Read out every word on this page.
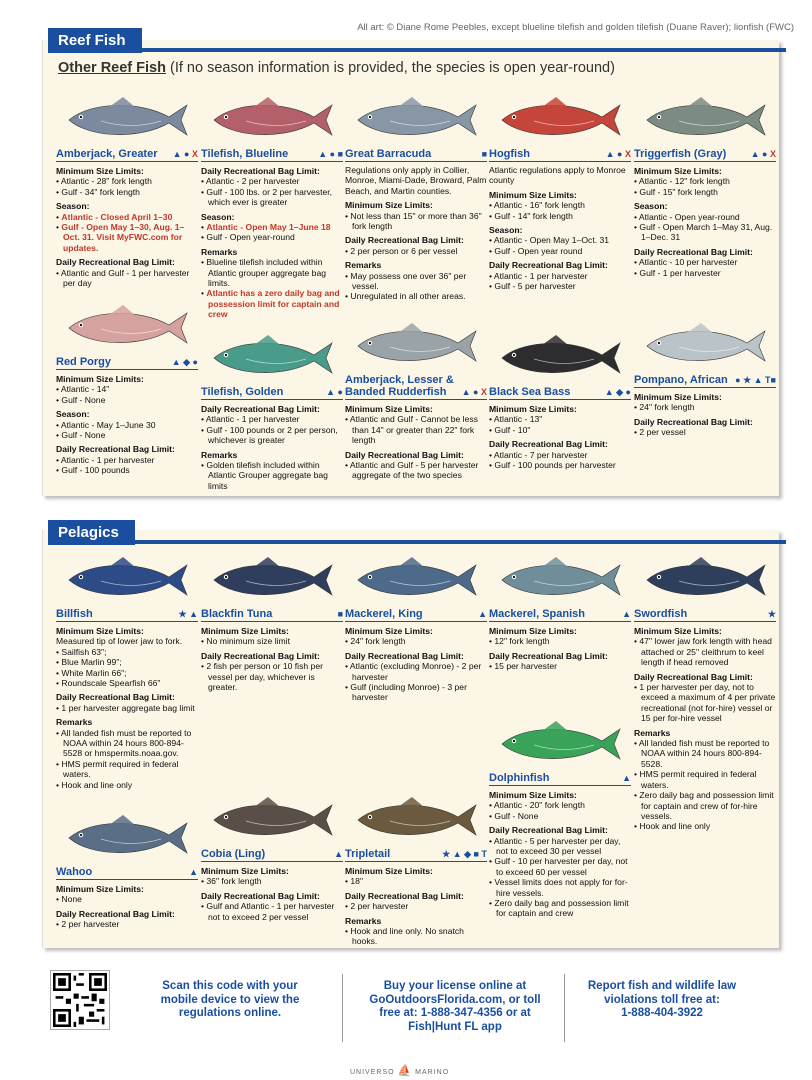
All art: © Diane Rome Peebles, except blueline tilefish and golden tilefish (Duane Raver); lionfish (FWC)
Reef Fish
Other Reef Fish (If no season information is provided, the species is open year-round)
Amberjack, Greater ▲ ● X
Minimum Size Limits:
• Atlantic - 28" fork length
• Gulf - 34" fork length
Season:
• Atlantic - Closed April 1–30
• Gulf - Open May 1–30, Aug. 1–Oct. 31. Visit MyFWC.com for updates.
Daily Recreational Bag Limit:
• Atlantic and Gulf - 1 per harvester per day
Tilefish, Blueline	▲ ● ■
Daily Recreational Bag Limit:
• Atlantic - 2 per harvester
• Gulf - 100 lbs. or 2 per harvester, which ever is greater
Season:
• Atlantic - Open May 1–June 18
• Gulf - Open year-round
Remarks
• Blueline tilefish included within Atlantic grouper aggregate bag limits.
• Atlantic has a zero daily bag and possession limit for captain and crew
Great Barracuda	■
Regulations only apply in Collier, Monroe, Miami-Dade, Broward, Palm Beach, and Martin counties.
Minimum Size Limits:
• Not less than 15" or more than 36" fork length
Daily Recreational Bag Limit:
• 2 per person or 6 per vessel
Remarks
• May possess one over 36" per vessel.
• Unregulated in all other areas.
Hogfish	▲ ● X
Atlantic regulations apply to Monroe county
Minimum Size Limits:
• Atlantic - 16" fork length
• Gulf - 14" fork length
Season:
• Atlantic - Open May 1–Oct. 31
• Gulf - Open year round
Daily Recreational Bag Limit:
• Atlantic - 1 per harvester
• Gulf - 5 per harvester
Triggerfish (Gray)	▲ ● X
Minimum Size Limits:
• Atlantic - 12" fork length
• Gulf - 15" fork length
Season:
• Atlantic - Open year-round
• Gulf - Open March 1–May 31, Aug. 1–Dec. 31
Daily Recreational Bag Limit:
• Atlantic - 10 per harvester
• Gulf - 1 per harvester
Red Porgy	▲ ◆ ●
Minimum Size Limits:
• Atlantic - 14"
• Gulf - None
Season:
• Atlantic - May 1–June 30
• Gulf - None
Daily Recreational Bag Limit:
• Atlantic - 1 per harvester
• Gulf - 100 pounds
Tilefish, Golden	▲ ●
Daily Recreational Bag Limit:
• Atlantic - 1 per harvester
• Gulf - 100 pounds or 2 per person, whichever is greater
Remarks
• Golden tilefish included within Atlantic Grouper aggregate bag limits
Amberjack, Lesser & Banded Rudderfish	▲ ● X
Minimum Size Limits:
• Atlantic and Gulf - Cannot be less than 14" or greater than 22" fork length
Daily Recreational Bag Limit:
• Atlantic and Gulf - 5 per harvester aggregate of the two species
Black Sea Bass	▲ ◆ ●
Minimum Size Limits:
• Atlantic - 13"
• Gulf - 10"
Daily Recreational Bag Limit:
• Atlantic - 7 per harvester
• Gulf - 100 pounds per harvester
Pompano, African ● ★ ▲ T■
Minimum Size Limits:
• 24" fork length
Daily Recreational Bag Limit:
• 2 per vessel
Pelagics
Billfish	★ ▲
Minimum Size Limits:
Measured tip of lower jaw to fork.
• Sailfish 63";
• Blue Marlin 99";
• White Marlin 66";
• Roundscale Spearfish 66"
Daily Recreational Bag Limit:
• 1 per harvester aggregate bag limit
Remarks
• All landed fish must be reported to NOAA within 24 hours 800-894-5528 or hmspermits.noaa.gov.
• HMS permit required in federal waters.
• Hook and line only
Blackfin Tuna	■
Minimum Size Limits:
• No minimum size limit
Daily Recreational Bag Limit:
• 2 fish per person or 10 fish per vessel per day, whichever is greater.
Mackerel, King	▲
Minimum Size Limits:
• 24" fork length
Daily Recreational Bag Limit:
• Atlantic (excluding Monroe) - 2 per harvester
• Gulf (including Monroe) - 3 per harvester
Mackerel, Spanish	▲
Minimum Size Limits:
• 12" fork length
Daily Recreational Bag Limit:
• 15 per harvester
Swordfish	★
Minimum Size Limits:
• 47" lower jaw fork length with head attached or 25" cleithrum to keel length if head removed
Daily Recreational Bag Limit:
• 1 per harvester per day, not to exceed a maximum of 4 per private recreational (not for-hire) vessel or 15 per for-hire vessel
Remarks
• All landed fish must be reported to NOAA within 24 hours 800-894-5528.
• HMS permit required in federal waters.
• Zero daily bag and possession limit for captain and crew of for-hire vessels.
• Hook and line only
Wahoo	▲
Minimum Size Limits:
• None
Daily Recreational Bag Limit:
• 2 per harvester
Cobia (Ling)	▲
Minimum Size Limits:
• 36" fork length
Daily Recreational Bag Limit:
• Gulf and Atlantic - 1 per harvester not to exceed 2 per vessel
Tripletail	★ ▲ ◆ ■ T
Minimum Size Limits:
• 18"
Daily Recreational Bag Limit:
• 2 per harvester
Remarks
• Hook and line only. No snatch hooks.
Dolphinfish	▲
Minimum Size Limits:
• Atlantic - 20" fork length
• Gulf - None
Daily Recreational Bag Limit:
• Atlantic - 5 per harvester per day, not to exceed 30 per vessel
• Gulf - 10 per harvester per day, not to exceed 60 per vessel
• Vessel limits does not apply for for-hire vessels.
• Zero daily bag and possession limit for captain and crew
Scan this code with your mobile device to view the regulations online.
Buy your license online at GoOutdoorsFlorida.com, or toll free at: 1-888-347-4356 or at Fish|Hunt FL app
Report fish and wildlife law violations toll free at:
1-888-404-3922
UNIVERSO ⛵ MARINO
